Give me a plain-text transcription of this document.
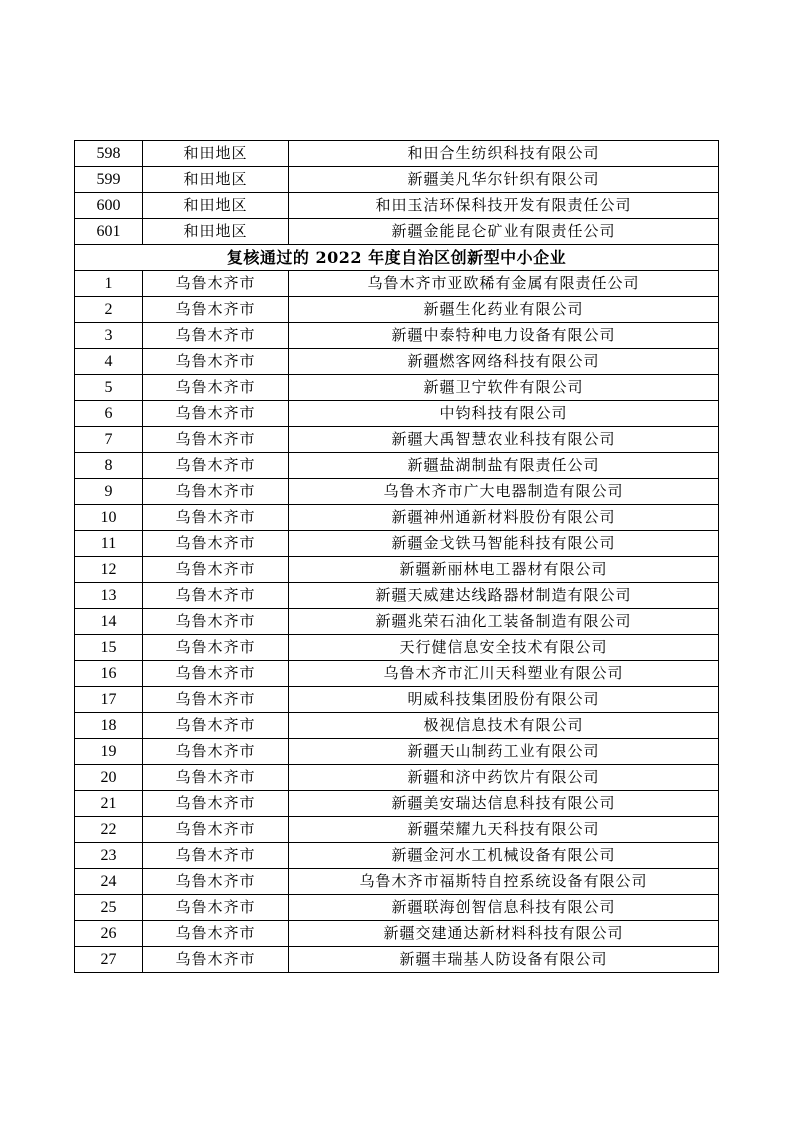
598	和田地区	和田合生纺织科技有限公司
599	和田地区	新疆美凡华尔针织有限公司
600	和田地区	和田玉洁环保科技开发有限责任公司
601	和田地区	新疆金能昆仑矿业有限责任公司
复核通过的 2022 年度自治区创新型中小企业		
1	乌鲁木齐市	乌鲁木齐市亚欧稀有金属有限责任公司
2	乌鲁木齐市	新疆生化药业有限公司
3	乌鲁木齐市	新疆中泰特种电力设备有限公司
4	乌鲁木齐市	新疆燃客网络科技有限公司
5	乌鲁木齐市	新疆卫宁软件有限公司
6	乌鲁木齐市	中钧科技有限公司
7	乌鲁木齐市	新疆大禹智慧农业科技有限公司
8	乌鲁木齐市	新疆盐湖制盐有限责任公司
9	乌鲁木齐市	乌鲁木齐市广大电器制造有限公司
10	乌鲁木齐市	新疆神州通新材料股份有限公司
11	乌鲁木齐市	新疆金戈铁马智能科技有限公司
12	乌鲁木齐市	新疆新丽林电工器材有限公司
13	乌鲁木齐市	新疆天威建达线路器材制造有限公司
14	乌鲁木齐市	新疆兆荣石油化工装备制造有限公司
15	乌鲁木齐市	天行健信息安全技术有限公司
16	乌鲁木齐市	乌鲁木齐市汇川天科塑业有限公司
17	乌鲁木齐市	明威科技集团股份有限公司
18	乌鲁木齐市	极视信息技术有限公司
19	乌鲁木齐市	新疆天山制药工业有限公司
20	乌鲁木齐市	新疆和济中药饮片有限公司
21	乌鲁木齐市	新疆美安瑞达信息科技有限公司
22	乌鲁木齐市	新疆荣耀九天科技有限公司
23	乌鲁木齐市	新疆金河水工机械设备有限公司
24	乌鲁木齐市	乌鲁木齐市福斯特自控系统设备有限公司
25	乌鲁木齐市	新疆联海创智信息科技有限公司
26	乌鲁木齐市	新疆交建通达新材料科技有限公司
27	乌鲁木齐市	新疆丰瑞基人防设备有限公司
